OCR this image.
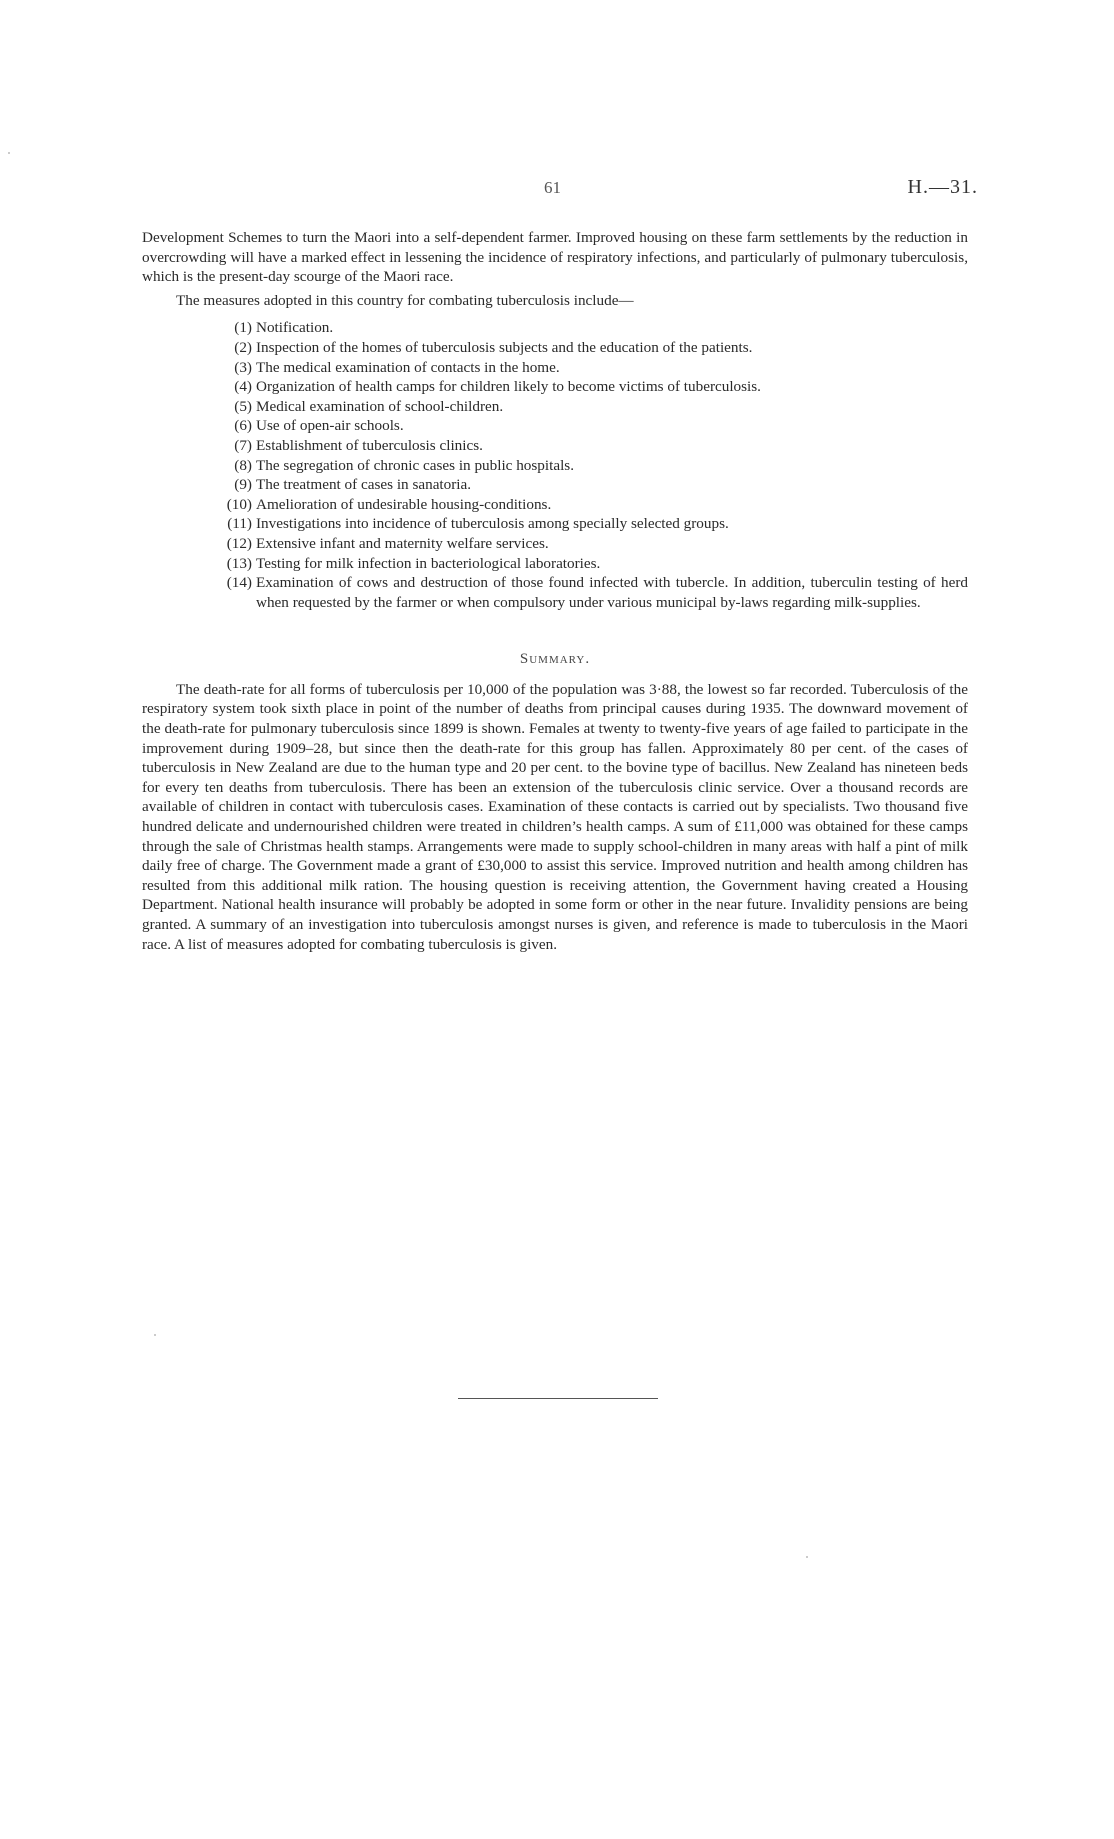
61	H.—31.

Development Schemes to turn the Maori into a self-dependent farmer. Improved housing on these farm settlements by the reduction in overcrowding will have a marked effect in lessening the incidence of respiratory infections, and particularly of pulmonary tuberculosis, which is the present-day scourge of the Maori race.

The measures adopted in this country for combating tuberculosis include—

(1) Notification.
(2) Inspection of the homes of tuberculosis subjects and the education of the patients.
(3) The medical examination of contacts in the home.
(4) Organization of health camps for children likely to become victims of tuberculosis.
(5) Medical examination of school-children.
(6) Use of open-air schools.
(7) Establishment of tuberculosis clinics.
(8) The segregation of chronic cases in public hospitals.
(9) The treatment of cases in sanatoria.
(10) Amelioration of undesirable housing-conditions.
(11) Investigations into incidence of tuberculosis among specially selected groups.
(12) Extensive infant and maternity welfare services.
(13) Testing for milk infection in bacteriological laboratories.
(14) Examination of cows and destruction of those found infected with tubercle. In addition, tuberculin testing of herd when requested by the farmer or when compulsory under various municipal by-laws regarding milk-supplies.

Summary.

The death-rate for all forms of tuberculosis per 10,000 of the population was 3·88, the lowest so far recorded. Tuberculosis of the respiratory system took sixth place in point of the number of deaths from principal causes during 1935. The downward movement of the death-rate for pulmonary tuberculosis since 1899 is shown. Females at twenty to twenty-five years of age failed to participate in the improvement during 1909–28, but since then the death-rate for this group has fallen. Approximately 80 per cent. of the cases of tuberculosis in New Zealand are due to the human type and 20 per cent. to the bovine type of bacillus. New Zealand has nineteen beds for every ten deaths from tuberculosis. There has been an extension of the tuberculosis clinic service. Over a thousand records are available of children in contact with tuberculosis cases. Examination of these contacts is carried out by specialists. Two thousand five hundred delicate and undernourished children were treated in children’s health camps. A sum of £11,000 was obtained for these camps through the sale of Christmas health stamps. Arrangements were made to supply school-children in many areas with half a pint of milk daily free of charge. The Government made a grant of £30,000 to assist this service. Improved nutrition and health among children has resulted from this additional milk ration. The housing question is receiving attention, the Government having created a Housing Department. National health insurance will probably be adopted in some form or other in the near future. Invalidity pensions are being granted. A summary of an investigation into tuberculosis amongst nurses is given, and reference is made to tuberculosis in the Maori race. A list of measures adopted for combating tuberculosis is given.
